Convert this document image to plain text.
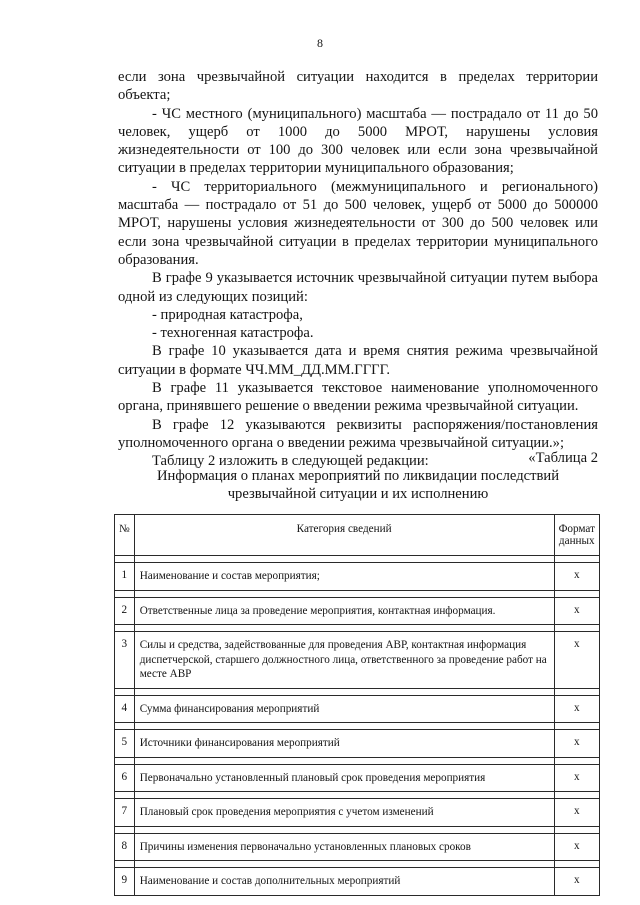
8

если зона чрезвычайной ситуации находится в пределах территории объекта;

- ЧС местного (муниципального) масштаба — пострадало от 11 до 50 человек, ущерб от 1000 до 5000 МРОТ, нарушены условия жизнедеятельности от 100 до 300 человек или если зона чрезвычайной ситуации в пределах территории муниципального образования;

- ЧС территориального (межмуниципального и регионального) масштаба — пострадало от 51 до 500 человек, ущерб от 5000 до 500000 МРОТ, нарушены условия жизнедеятельности от 300 до 500 человек или если зона чрезвычайной ситуации в пределах территории муниципального образования.

В графе 9 указывается источник чрезвычайной ситуации путем выбора одной из следующих позиций:

- природная катастрофа,

- техногенная катастрофа.

В графе 10 указывается дата и время снятия режима чрезвычайной ситуации в формате ЧЧ.ММ_ДД.ММ.ГГГГ.

В графе 11 указывается текстовое наименование уполномоченного органа, принявшего решение о введении режима чрезвычайной ситуации.

В графе 12 указываются реквизиты распоряжения/постановления уполномоченного органа о введении режима чрезвычайной ситуации.»;

Таблицу 2 изложить в следующей редакции:	«Таблица 2
Информация о планах мероприятий по ликвидации последствий чрезвычайной ситуации и их исполнению
№	Категория сведений	Формат данных

1	Наименование и состав мероприятия;	х

2	Ответственные лица за проведение мероприятия, контактная информация.	х

3	Силы и средства, задействованные для проведения АВР, контактная информация диспетчерской, старшего должностного лица, ответственного за проведение работ на месте АВР	х

4	Сумма финансирования мероприятий	х

5	Источники финансирования мероприятий	х

6	Первоначально установленный плановый срок проведения мероприятия	х

7	Плановый срок проведения мероприятия с учетом изменений	х

8	Причины изменения первоначально установленных плановых сроков	х

9	Наименование и состав дополнительных мероприятий	х
